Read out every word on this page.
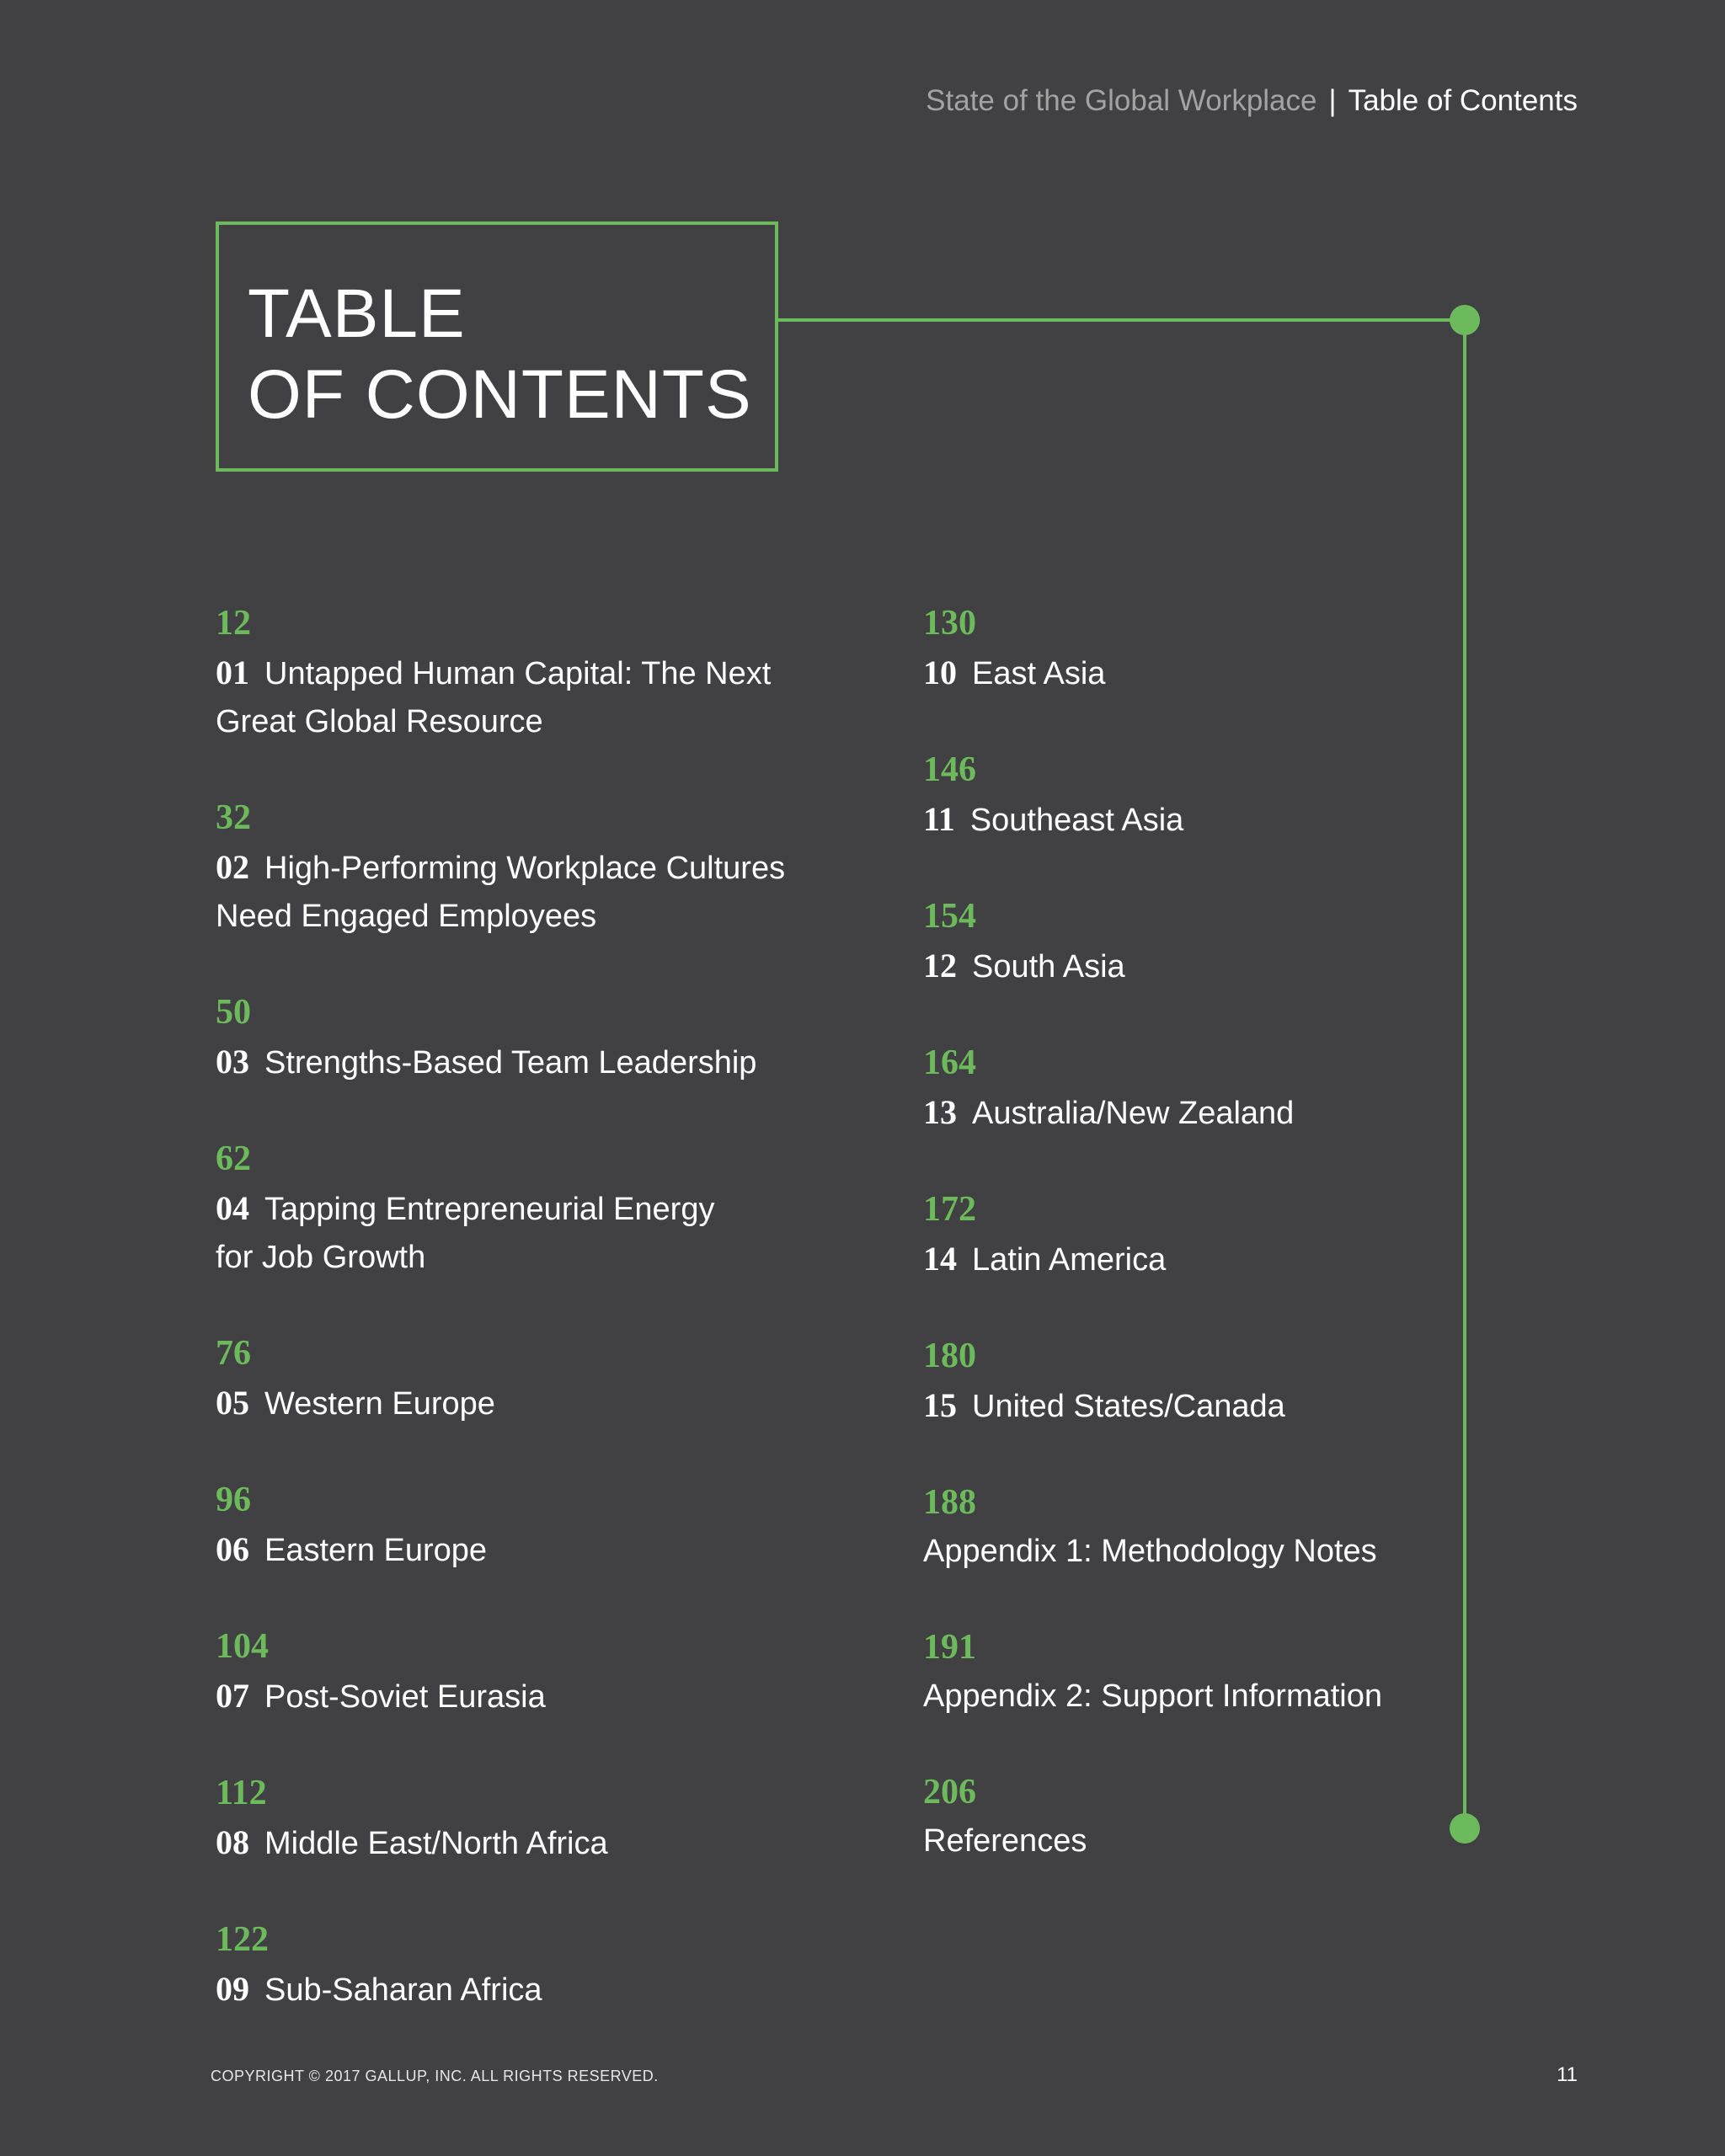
State of the Global Workplace | Table of Contents
TABLE
OF CONTENTS
12
01 Untapped Human Capital: The Next Great Global Resource
32
02 High-Performing Workplace Cultures Need Engaged Employees
50
03 Strengths-Based Team Leadership
62
04 Tapping Entrepreneurial Energy for Job Growth
76
05 Western Europe
96
06 Eastern Europe
104
07 Post-Soviet Eurasia
112
08 Middle East/North Africa
122
09 Sub-Saharan Africa
130
10 East Asia
146
11 Southeast Asia
154
12 South Asia
164
13 Australia/New Zealand
172
14 Latin America
180
15 United States/Canada
188
Appendix 1: Methodology Notes
191
Appendix 2: Support Information
206
References
COPYRIGHT © 2017 GALLUP, INC. ALL RIGHTS RESERVED.	11
